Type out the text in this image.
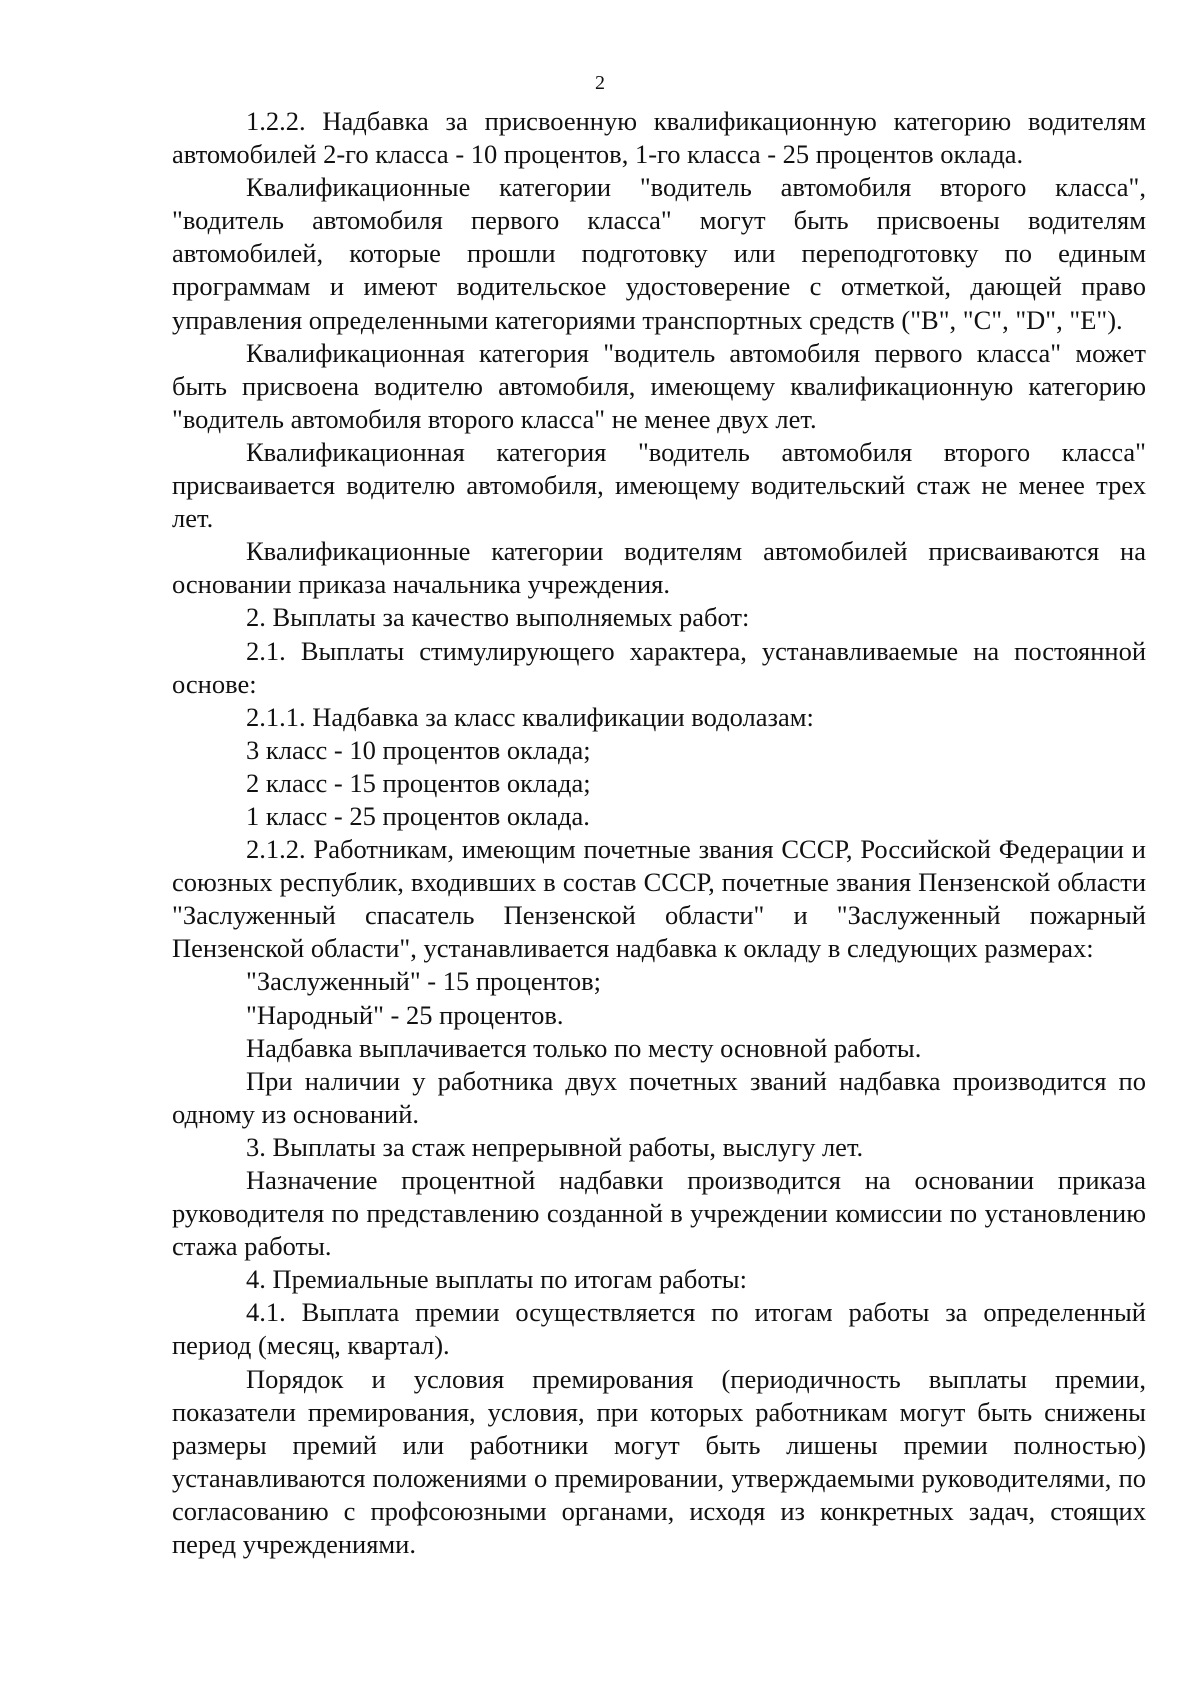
2

1.2.2. Надбавка за присвоенную квалификационную категорию водителям автомобилей 2-го класса - 10 процентов, 1-го класса - 25 процентов оклада.

Квалификационные категории "водитель автомобиля второго класса", "водитель автомобиля первого класса" могут быть присвоены водителям автомобилей, которые прошли подготовку или переподготовку по единым программам и имеют водительское удостоверение с отметкой, дающей право управления определенными категориями транспортных средств ("B", "C", "D", "E").

Квалификационная категория "водитель автомобиля первого класса" может быть присвоена водителю автомобиля, имеющему квалификационную категорию "водитель автомобиля второго класса" не менее двух лет.

Квалификационная категория "водитель автомобиля второго класса" присваивается водителю автомобиля, имеющему водительский стаж не менее трех лет.

Квалификационные категории водителям автомобилей присваиваются на основании приказа начальника учреждения.

2. Выплаты за качество выполняемых работ:

2.1. Выплаты стимулирующего характера, устанавливаемые на постоянной основе:

2.1.1. Надбавка за класс квалификации водолазам:

3 класс - 10 процентов оклада;

2 класс - 15 процентов оклада;

1 класс - 25 процентов оклада.

2.1.2. Работникам, имеющим почетные звания СССР, Российской Федерации и союзных республик, входивших в состав СССР, почетные звания Пензенской области "Заслуженный спасатель Пензенской области" и "Заслуженный пожарный Пензенской области", устанавливается надбавка к окладу в следующих размерах:

"Заслуженный" - 15 процентов;

"Народный" - 25 процентов.

Надбавка выплачивается только по месту основной работы.

При наличии у работника двух почетных званий надбавка производится по одному из оснований.

3. Выплаты за стаж непрерывной работы, выслугу лет.

Назначение процентной надбавки производится на основании приказа руководителя по представлению созданной в учреждении комиссии по установлению стажа работы.

4. Премиальные выплаты по итогам работы:

4.1. Выплата премии осуществляется по итогам работы за определенный период (месяц, квартал).

Порядок и условия премирования (периодичность выплаты премии, показатели премирования, условия, при которых работникам могут быть снижены размеры премий или работники могут быть лишены премии полностью) устанавливаются положениями о премировании, утверждаемыми руководителями, по согласованию с профсоюзными органами, исходя из конкретных задач, стоящих перед учреждениями.
